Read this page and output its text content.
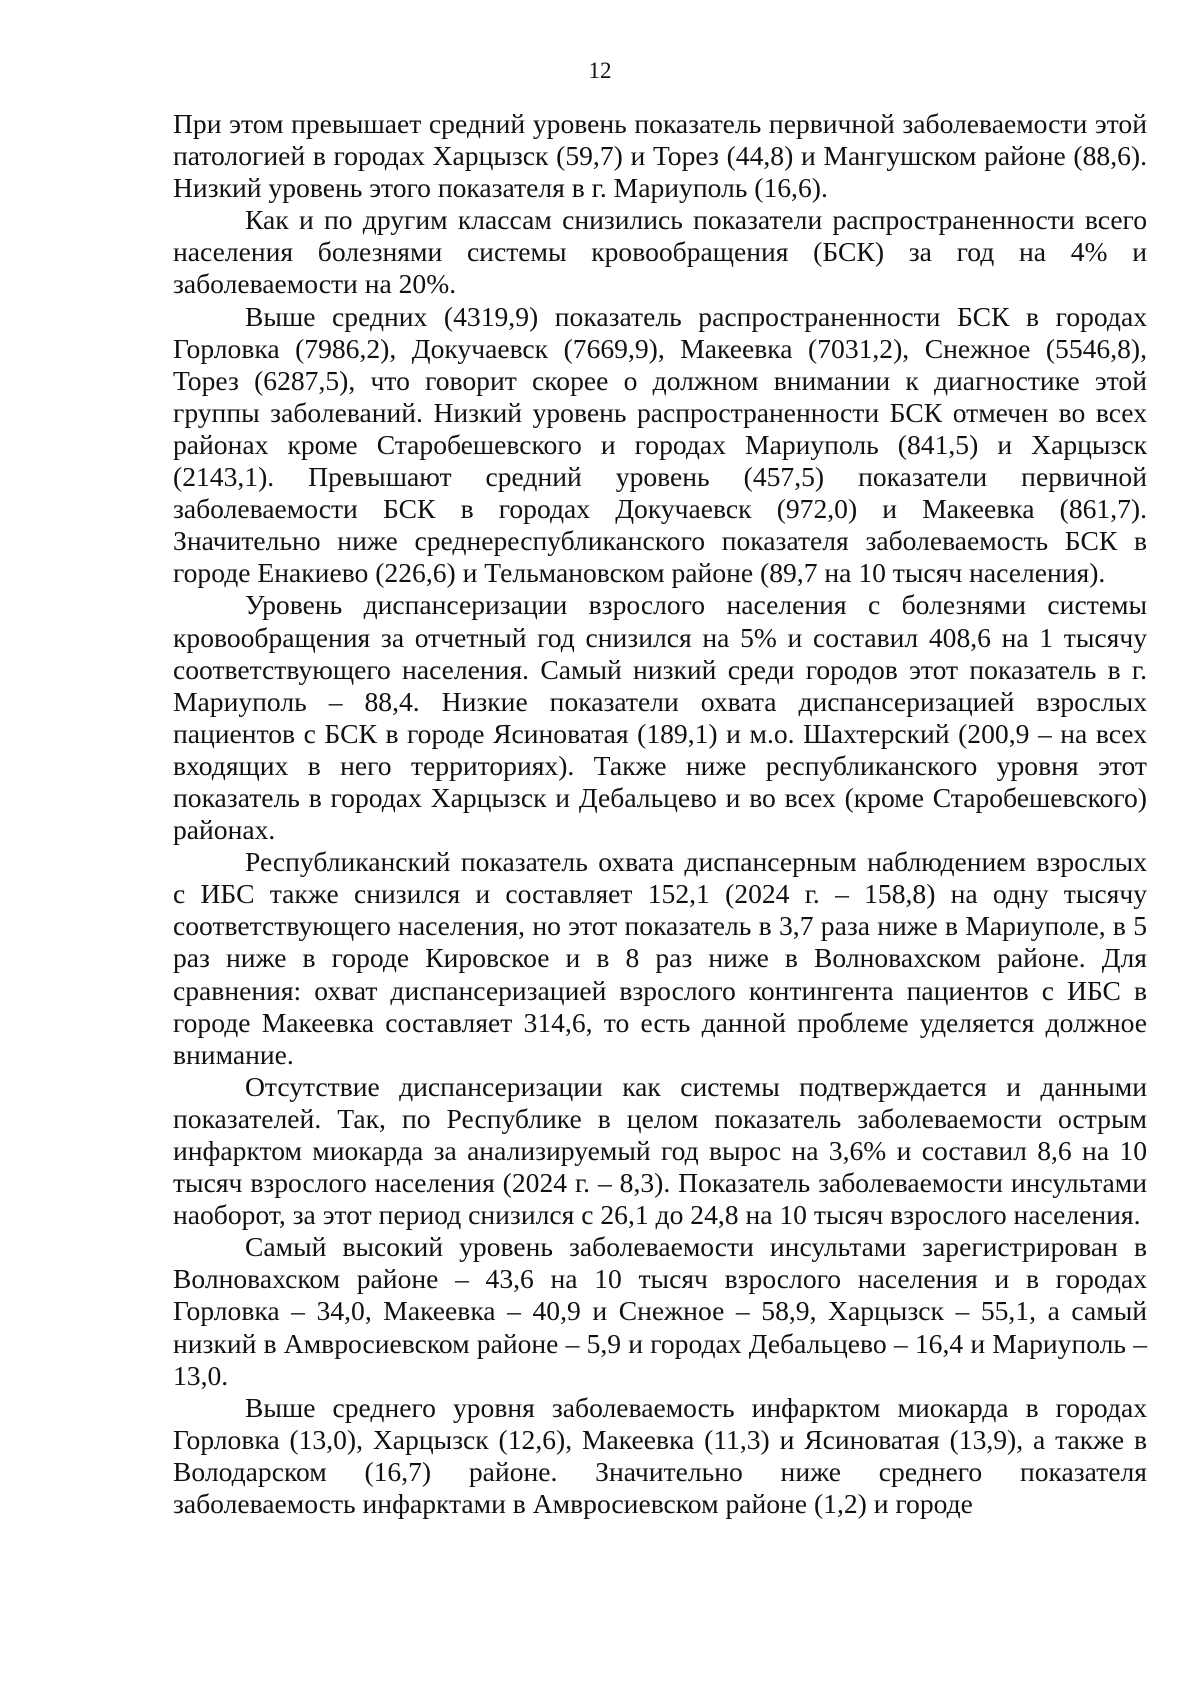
12

При этом превышает средний уровень показатель первичной заболеваемости этой патологией в городах Харцызск (59,7) и Торез (44,8) и Мангушском районе (88,6). Низкий уровень этого показателя в г. Мариуполь (16,6).

Как и по другим классам снизились показатели распространенности всего населения болезнями системы кровообращения (БСК) за год на 4% и заболеваемости на 20%.

Выше средних (4319,9) показатель распространенности БСК в городах Горловка (7986,2), Докучаевск (7669,9), Макеевка (7031,2), Снежное (5546,8), Торез (6287,5), что говорит скорее о должном внимании к диагностике этой группы заболеваний. Низкий уровень распространенности БСК отмечен во всех районах кроме Старобешевского и городах Мариуполь (841,5) и Харцызск (2143,1). Превышают средний уровень (457,5) показатели первичной заболеваемости БСК в городах Докучаевск (972,0) и Макеевка (861,7). Значительно ниже среднереспубликанского показателя заболеваемость БСК в городе Енакиево (226,6) и Тельмановском районе (89,7 на 10 тысяч населения).

Уровень диспансеризации взрослого населения с болезнями системы кровообращения за отчетный год снизился на 5% и составил 408,6 на 1 тысячу соответствующего населения. Самый низкий среди городов этот показатель в г. Мариуполь – 88,4. Низкие показатели охвата диспансеризацией взрослых пациентов с БСК в городе Ясиноватая (189,1) и м.о. Шахтерский (200,9 – на всех входящих в него территориях). Также ниже республиканского уровня этот показатель в городах Харцызск и Дебальцево и во всех (кроме Старобешевского) районах.

Республиканский показатель охвата диспансерным наблюдением взрослых с ИБС также снизился и составляет 152,1 (2024 г. – 158,8) на одну тысячу соответствующего населения, но этот показатель в 3,7 раза ниже в Мариуполе, в 5 раз ниже в городе Кировское и в 8 раз ниже в Волновахском районе. Для сравнения: охват диспансеризацией взрослого контингента пациентов с ИБС в городе Макеевка составляет 314,6, то есть данной проблеме уделяется должное внимание.

Отсутствие диспансеризации как системы подтверждается и данными показателей. Так, по Республике в целом показатель заболеваемости острым инфарктом миокарда за анализируемый год вырос на 3,6% и составил 8,6 на 10 тысяч взрослого населения (2024 г. – 8,3). Показатель заболеваемости инсультами наоборот, за этот период снизился с 26,1 до 24,8 на 10 тысяч взрослого населения.

Самый высокий уровень заболеваемости инсультами зарегистрирован в Волновахском районе – 43,6 на 10 тысяч взрослого населения и в городах Горловка – 34,0, Макеевка – 40,9 и Снежное – 58,9, Харцызск – 55,1, а самый низкий в Амвросиевском районе – 5,9 и городах Дебальцево – 16,4 и Мариуполь – 13,0.

Выше среднего уровня заболеваемость инфарктом миокарда в городах Горловка (13,0), Харцызск (12,6), Макеевка (11,3) и Ясиноватая (13,9), а также в Володарском (16,7) районе. Значительно ниже среднего показателя заболеваемость инфарктами в Амвросиевском районе (1,2) и городе
